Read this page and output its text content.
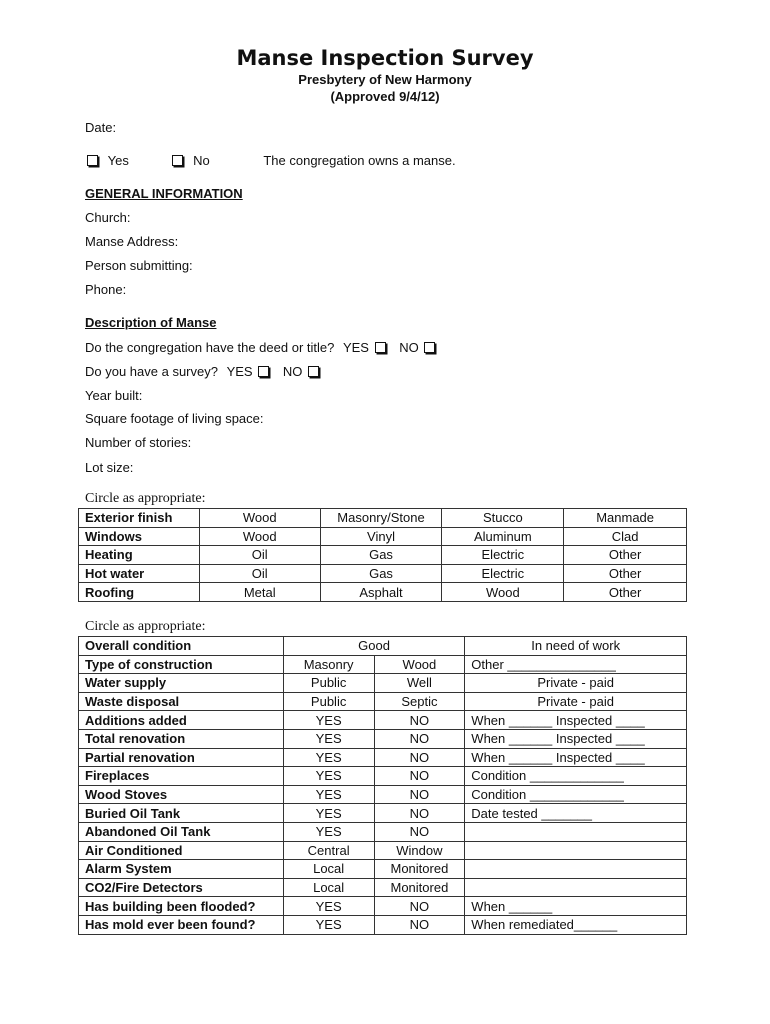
Manse Inspection Survey
Presbytery of New Harmony
(Approved 9/4/12)
Date:
Yes	No	The congregation owns a manse.
GENERAL INFORMATION
Church:
Manse Address:
Person submitting:
Phone:
Description of Manse
Do the congregation have the deed or title? YES NO
Do you have a survey? YES NO
Year built:
Square footage of living space:
Number of stories:
Lot size:
Circle as appropriate:
Exterior finish	Wood	Masonry/Stone	Stucco	Manmade
Windows	Wood	Vinyl	Aluminum	Clad
Heating	Oil	Gas	Electric	Other
Hot water	Oil	Gas	Electric	Other
Roofing	Metal	Asphalt	Wood	Other
Circle as appropriate:
Overall condition	Good		In need of work
Type of construction	Masonry	Wood	Other _______________
Water supply	Public	Well	Private - paid
Waste disposal	Public	Septic	Private - paid
Additions added	YES	NO	When ______ Inspected ____
Total renovation	YES	NO	When ______ Inspected ____
Partial renovation	YES	NO	When ______ Inspected ____
Fireplaces	YES	NO	Condition _____________
Wood Stoves	YES	NO	Condition _____________
Buried Oil Tank	YES	NO	Date tested _______
Abandoned Oil Tank	YES	NO	
Air Conditioned	Central	Window	
Alarm System	Local	Monitored	
CO2/Fire Detectors	Local	Monitored	
Has building been flooded?	YES	NO	When ______
Has mold ever been found?	YES	NO	When remediated______
